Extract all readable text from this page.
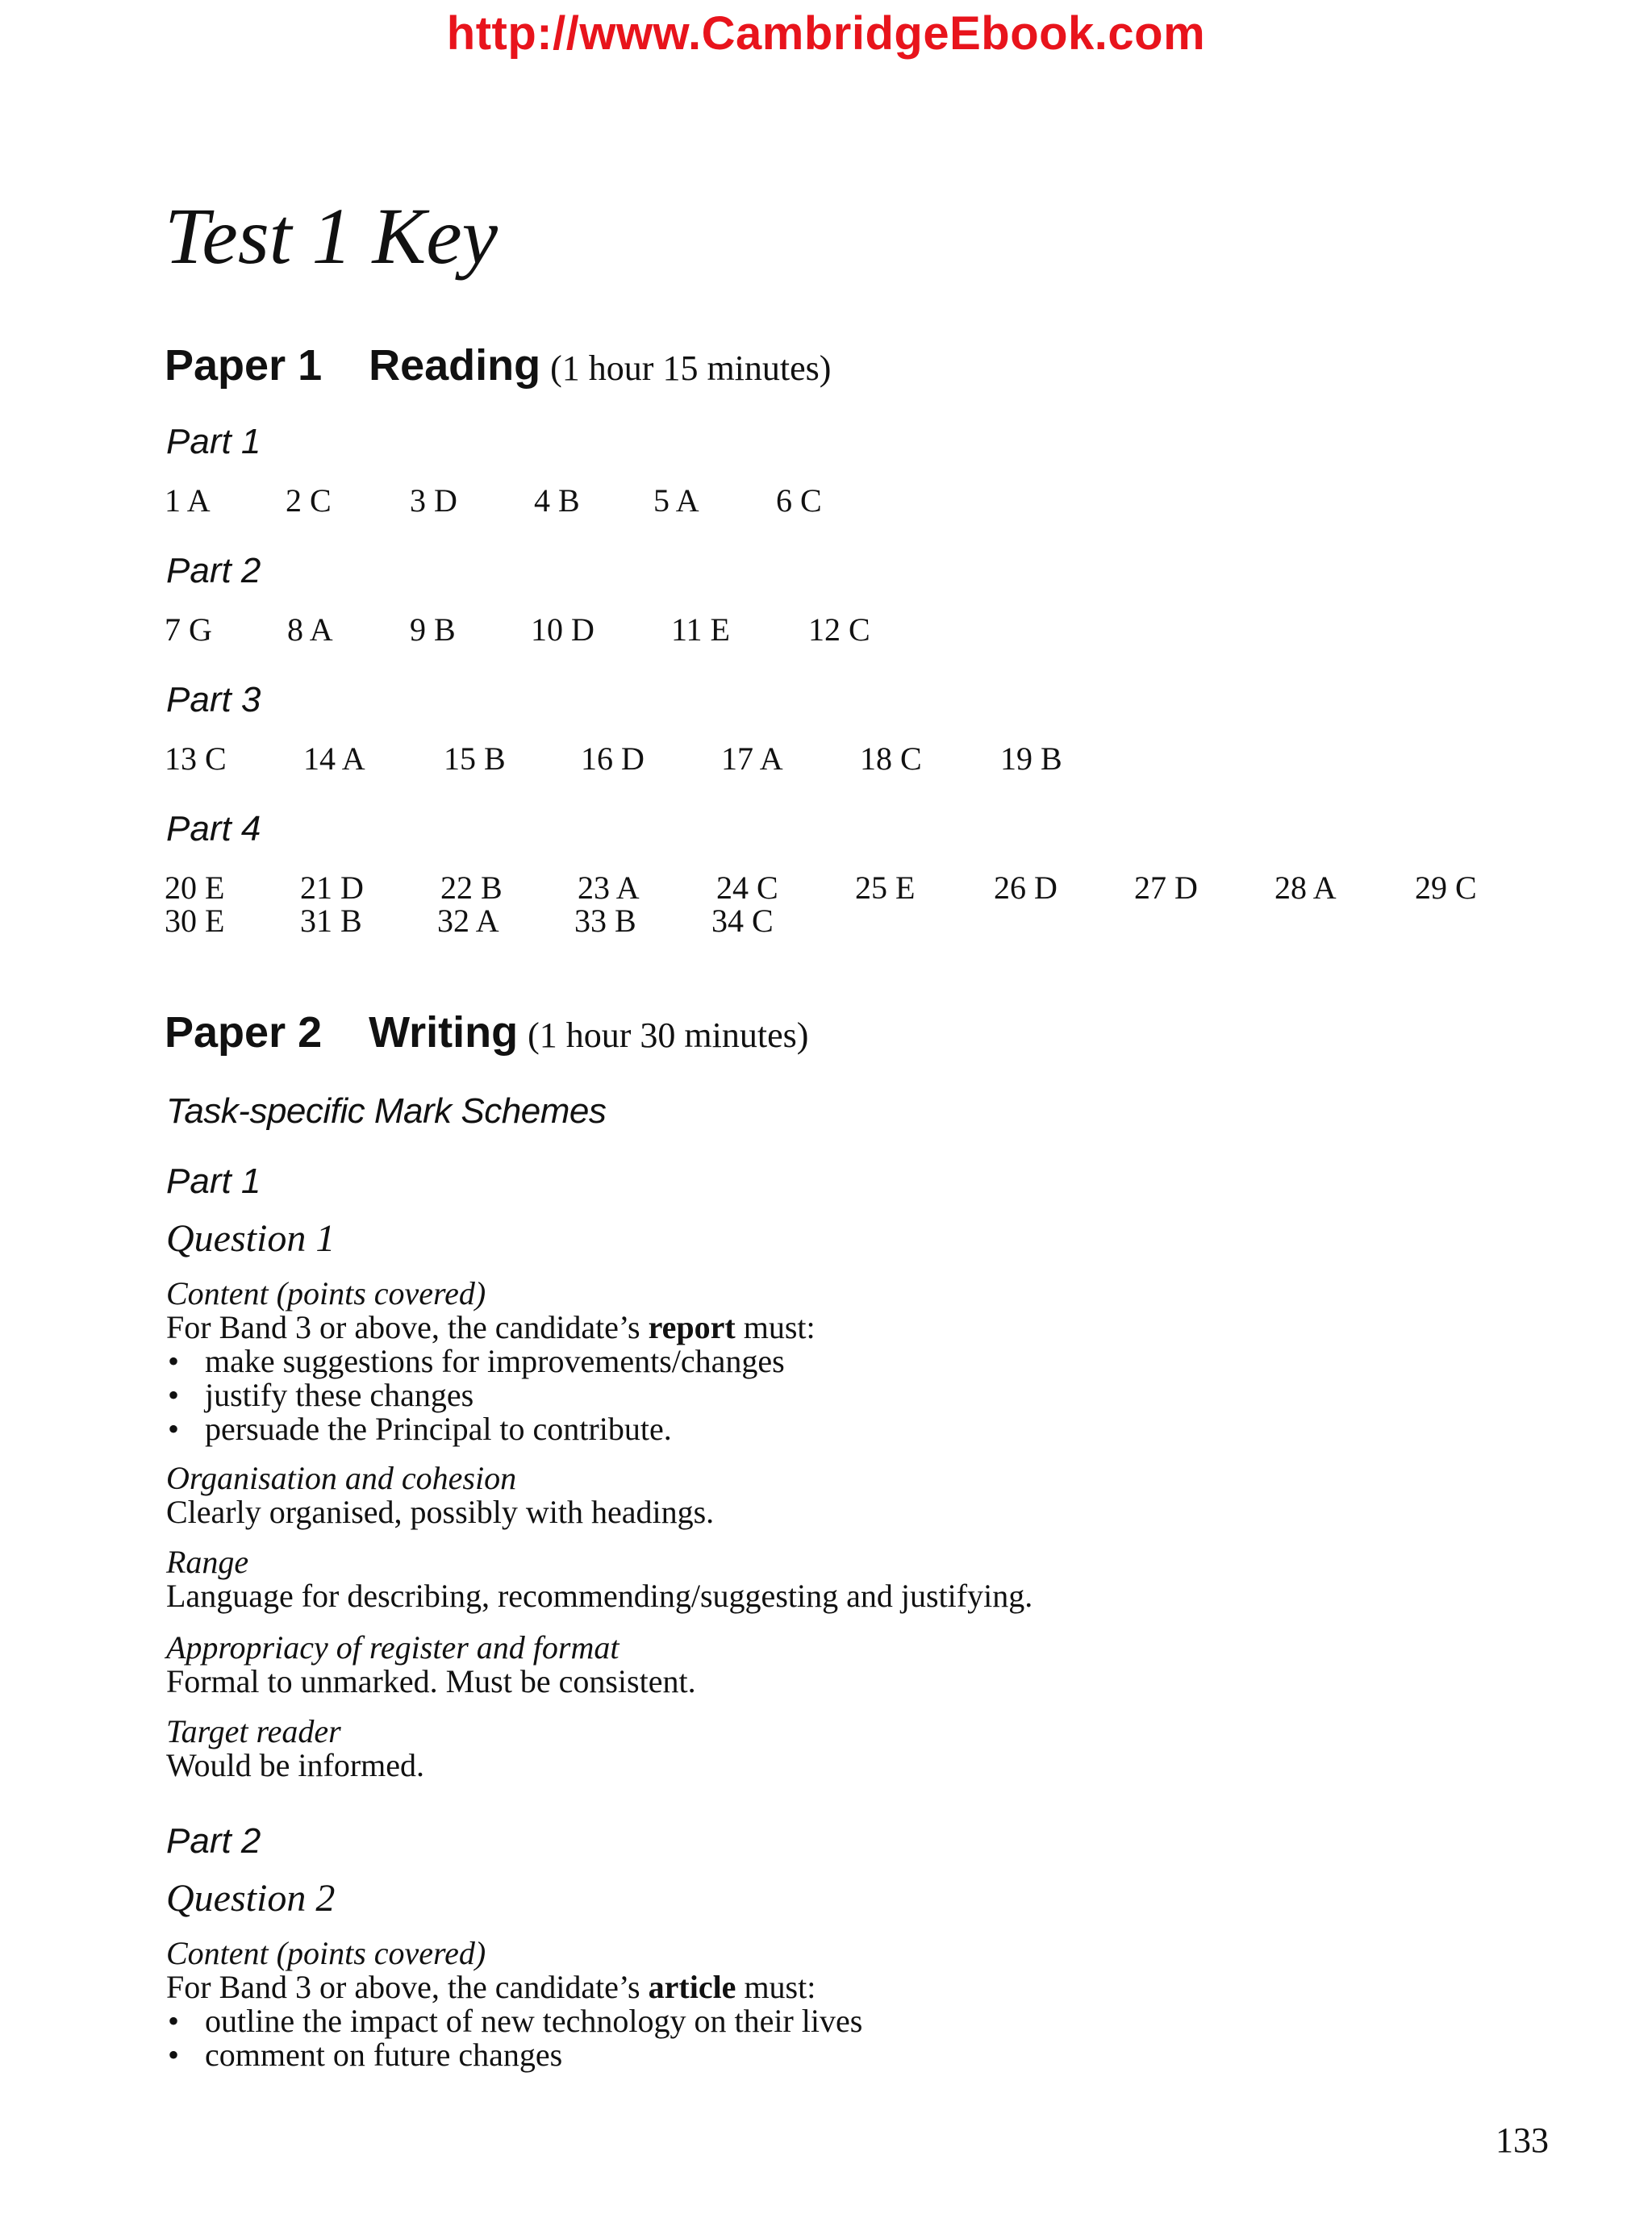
http://www.CambridgeEbook.com
Test 1 Key
Paper 1 Reading (1 hour 15 minutes)
Part 1
1 A 2 C 3 D 4 B 5 A 6 C
Part 2
7 G 8 A 9 B 10 D 11 E 12 C
Part 3
13 C 14 A 15 B 16 D 17 A 18 C 19 B
Part 4
20 E 21 D 22 B 23 A 24 C 25 E 26 D 27 D 28 A 29 C
30 E 31 B 32 A 33 B 34 C
Paper 2 Writing (1 hour 30 minutes)
Task-specific Mark Schemes
Part 1
Question 1
Content (points covered)
For Band 3 or above, the candidate’s report must:
• make suggestions for improvements/changes
• justify these changes
• persuade the Principal to contribute.
Organisation and cohesion
Clearly organised, possibly with headings.
Range
Language for describing, recommending/suggesting and justifying.
Appropriacy of register and format
Formal to unmarked. Must be consistent.
Target reader
Would be informed.
Part 2
Question 2
Content (points covered)
For Band 3 or above, the candidate’s article must:
• outline the impact of new technology on their lives
• comment on future changes
133
